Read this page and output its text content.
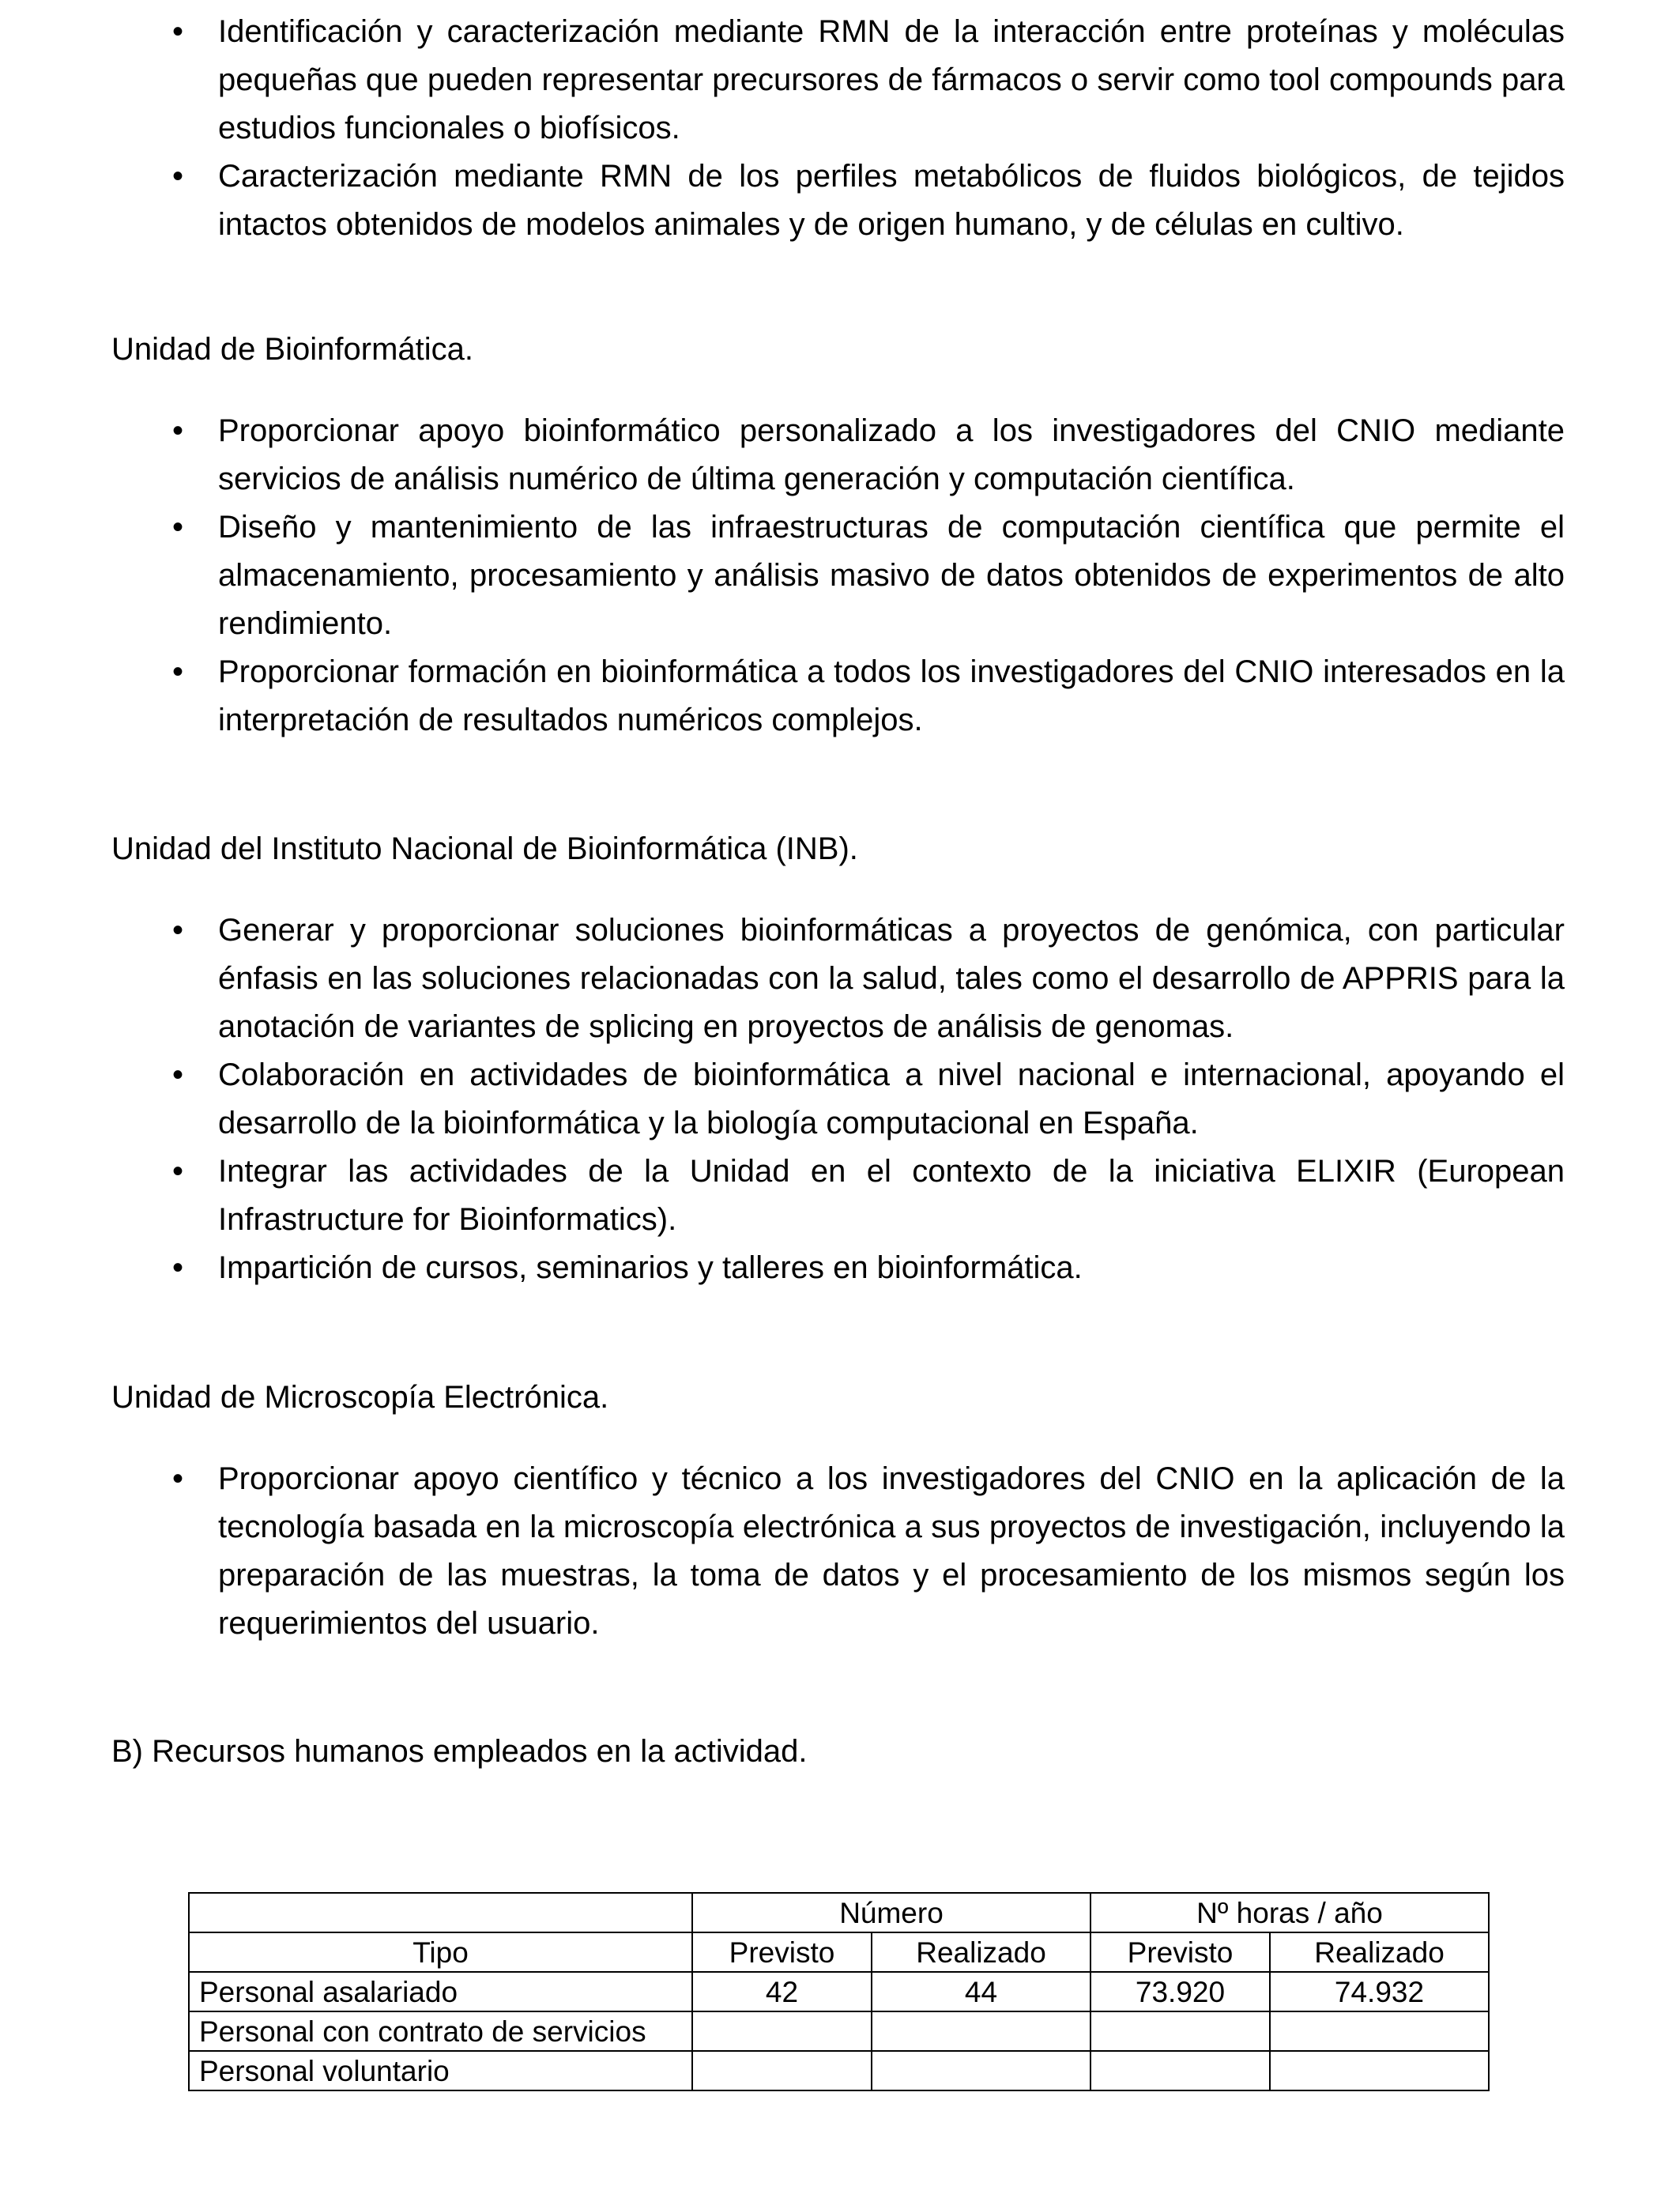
• Identificación y caracterización mediante RMN de la interacción entre proteínas y moléculas pequeñas que pueden representar precursores de fármacos o servir como tool compounds para estudios funcionales o biofísicos.
• Caracterización mediante RMN de los perfiles metabólicos de fluidos biológicos, de tejidos intactos obtenidos de modelos animales y de origen humano, y de células en cultivo.
Unidad de Bioinformática.
• Proporcionar apoyo bioinformático personalizado a los investigadores del CNIO mediante servicios de análisis numérico de última generación y computación científica.
• Diseño y mantenimiento de las infraestructuras de computación científica que permite el almacenamiento, procesamiento y análisis masivo de datos obtenidos de experimentos de alto rendimiento.
• Proporcionar formación en bioinformática a todos los investigadores del CNIO interesados en la interpretación de resultados numéricos complejos.
Unidad del Instituto Nacional de Bioinformática (INB).
• Generar y proporcionar soluciones bioinformáticas a proyectos de genómica, con particular énfasis en las soluciones relacionadas con la salud, tales como el desarrollo de APPRIS para la anotación de variantes de splicing en proyectos de análisis de genomas.
• Colaboración en actividades de bioinformática a nivel nacional e internacional, apoyando el desarrollo de la bioinformática y la biología computacional en España.
• Integrar las actividades de la Unidad en el contexto de la iniciativa ELIXIR (European Infrastructure for Bioinformatics).
• Impartición de cursos, seminarios y talleres en bioinformática.
Unidad de Microscopía Electrónica.
• Proporcionar apoyo científico y técnico a los investigadores del CNIO en la aplicación de la tecnología basada en la microscopía electrónica a sus proyectos de investigación, incluyendo la preparación de las muestras, la toma de datos y el procesamiento de los mismos según los requerimientos del usuario.
B) Recursos humanos empleados en la actividad.
	Número		Nº horas / año	
Tipo	Previsto	Realizado	Previsto	Realizado
Personal asalariado	42	44	73.920	74.932
Personal con contrato de servicios				
Personal voluntario				
